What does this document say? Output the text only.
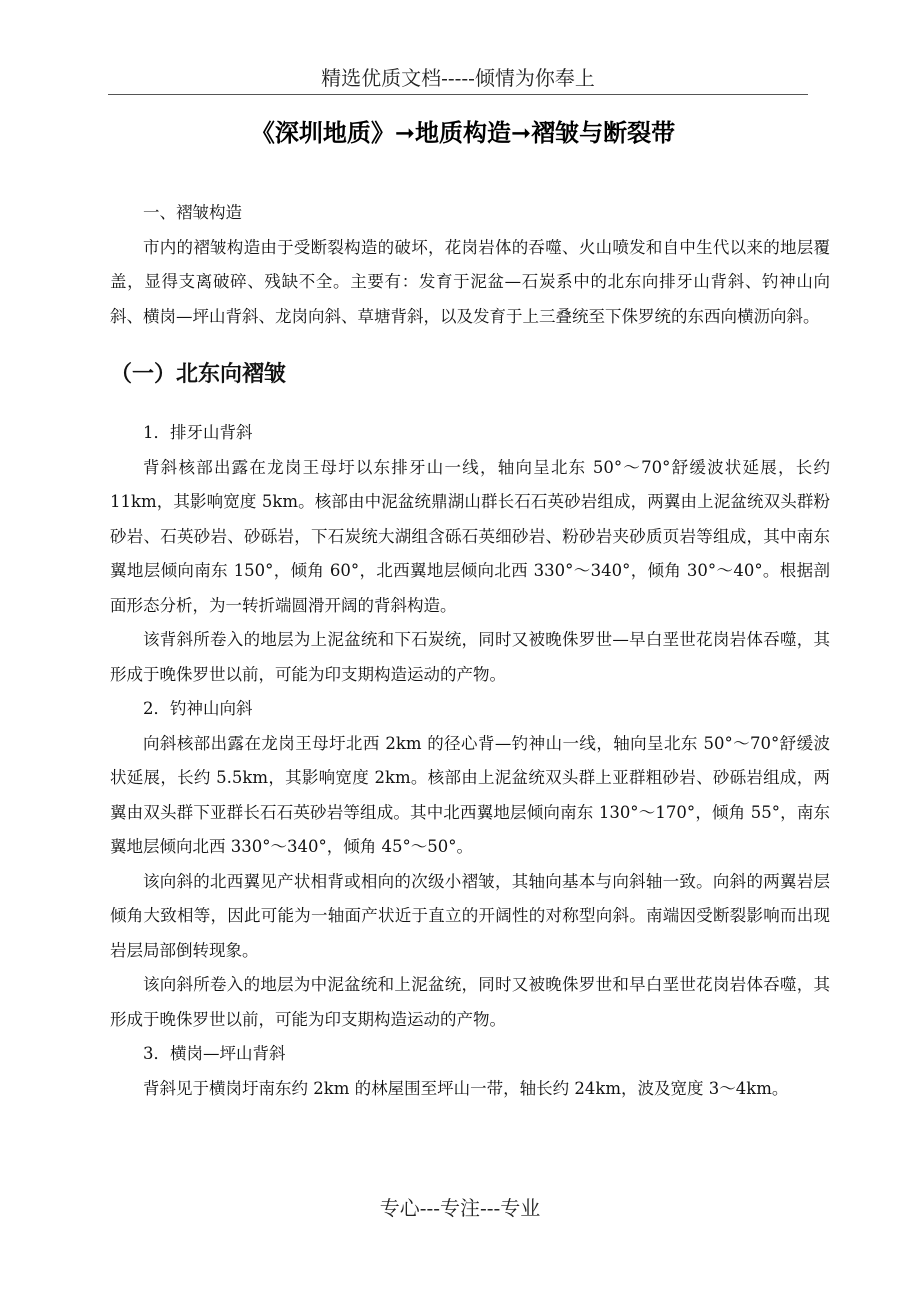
精选优质文档-----倾情为你奉上
《深圳地质》➞地质构造➞褶皱与断裂带

一、褶皱构造

市内的褶皱构造由于受断裂构造的破坏，花岗岩体的吞噬、火山喷发和自中生代以来的地层覆盖，显得支离破碎、残缺不全。主要有：发育于泥盆—石炭系中的北东向排牙山背斜、钓神山向斜、横岗—坪山背斜、龙岗向斜、草塘背斜，以及发育于上三叠统至下侏罗统的东西向横沥向斜。

（一）北东向褶皱

1．排牙山背斜

背斜核部出露在龙岗王母圩以东排牙山一线，轴向呈北东 50°～70°舒缓波状延展，长约 11km，其影响宽度 5km。核部由中泥盆统鼎湖山群长石石英砂岩组成，两翼由上泥盆统双头群粉砂岩、石英砂岩、砂砾岩，下石炭统大湖组含砾石英细砂岩、粉砂岩夹砂质页岩等组成，其中南东翼地层倾向南东 150°，倾角 60°，北西翼地层倾向北西 330°～340°，倾角 30°～40°。根据剖面形态分析，为一转折端圆滑开阔的背斜构造。

该背斜所卷入的地层为上泥盆统和下石炭统，同时又被晚侏罗世—早白垩世花岗岩体吞噬，其形成于晚侏罗世以前，可能为印支期构造运动的产物。

2．钓神山向斜

向斜核部出露在龙岗王母圩北西 2km 的径心背—钓神山一线，轴向呈北东 50°～70°舒缓波状延展，长约 5.5km，其影响宽度 2km。核部由上泥盆统双头群上亚群粗砂岩、砂砾岩组成，两翼由双头群下亚群长石石英砂岩等组成。其中北西翼地层倾向南东 130°～170°，倾角 55°，南东翼地层倾向北西 330°～340°，倾角 45°～50°。

该向斜的北西翼见产状相背或相向的次级小褶皱，其轴向基本与向斜轴一致。向斜的两翼岩层倾角大致相等，因此可能为一轴面产状近于直立的开阔性的对称型向斜。南端因受断裂影响而出现岩层局部倒转现象。

该向斜所卷入的地层为中泥盆统和上泥盆统，同时又被晚侏罗世和早白垩世花岗岩体吞噬，其形成于晚侏罗世以前，可能为印支期构造运动的产物。

3．横岗—坪山背斜

背斜见于横岗圩南东约 2km 的林屋围至坪山一带，轴长约 24km，波及宽度 3～4km。

专心---专注---专业
